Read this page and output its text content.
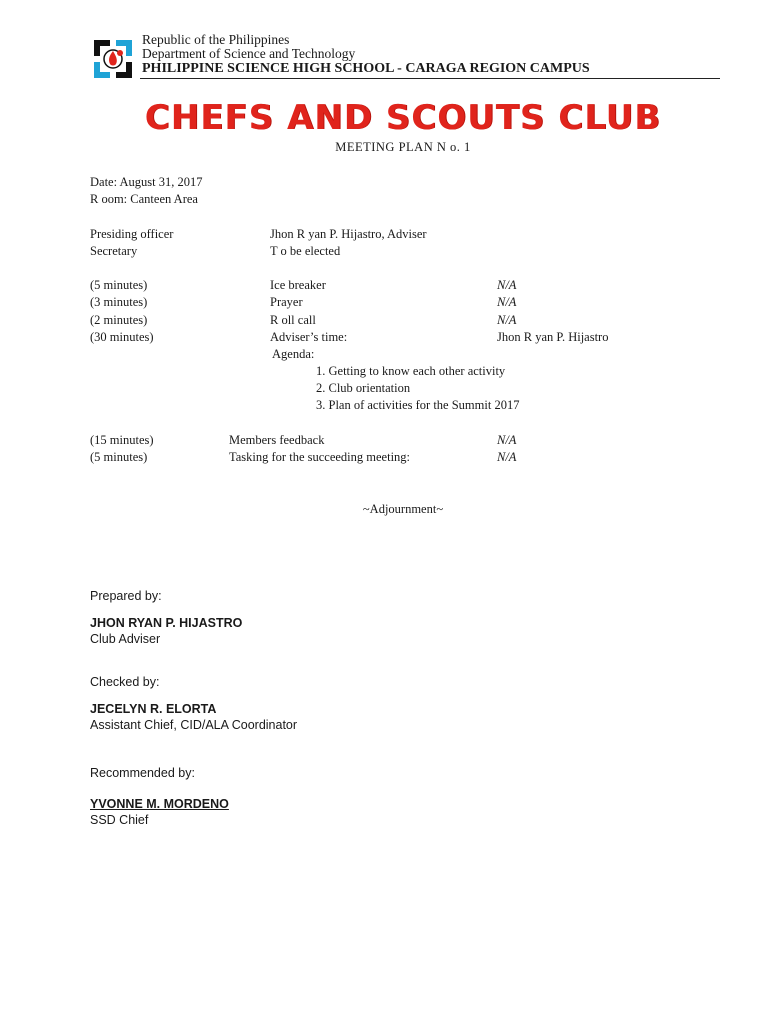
Republic of the Philippines
Department of Science and Technology
PHILIPPINE SCIENCE HIGH SCHOOL - CARAGA REGION CAMPUS
CHEFS AND SCOUTS CLUB
MEETING PLAN N o. 1
Date: August 31, 2017
R oom: Canteen Area
Presiding officer	Jhon R yan P. Hijastro, Adviser
Secretary	T o be elected
(5 minutes)	Ice breaker	N/A
(3 minutes)	Prayer	N/A
(2 minutes)	R oll call	N/A
(30 minutes)	Adviser’s time:	Jhon R yan P. Hijastro
Agenda:
1. Getting to know each other activity
2. Club orientation
3. Plan of activities for the Summit 2017
(15 minutes)	Members feedback	N/A
(5 minutes)	Tasking for the succeeding meeting:	N/A
~Adjournment~
Prepared by:
JHON RYAN P. HIJASTRO
Club Adviser
Checked by:
JECELYN R. ELORTA
Assistant Chief, CID/ALA Coordinator
Recommended by:
YVONNE M. MORDENO
SSD Chief
